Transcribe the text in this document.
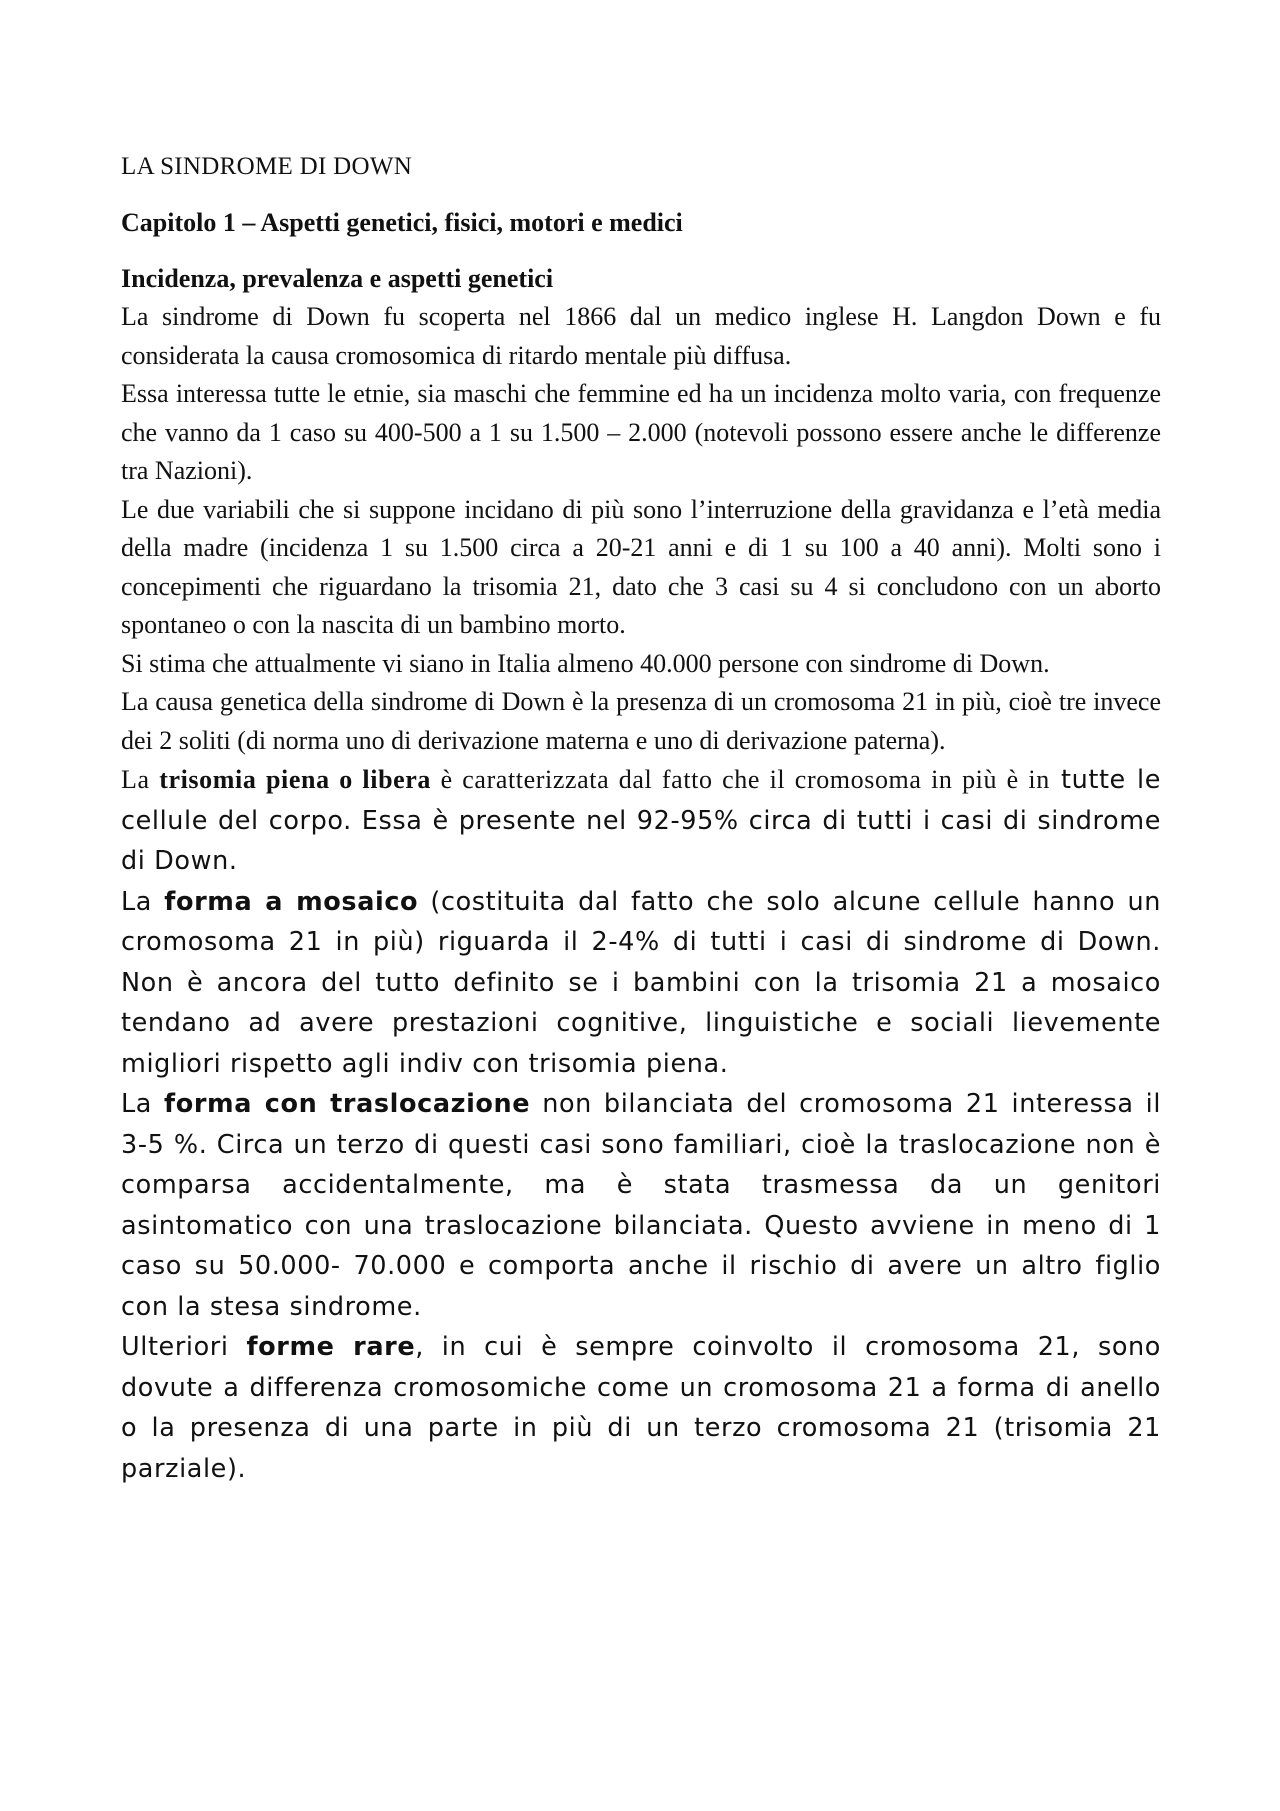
LA SINDROME DI DOWN

Capitolo 1 – Aspetti genetici, fisici, motori e medici

Incidenza, prevalenza e aspetti genetici

La sindrome di Down fu scoperta nel 1866 dal un medico inglese H. Langdon Down e fu considerata la causa cromosomica di ritardo mentale più diffusa.

Essa interessa tutte le etnie, sia maschi che femmine ed ha un incidenza molto varia, con frequenze che vanno da 1 caso su 400-500 a 1 su 1.500 – 2.000 (notevoli possono essere anche le differenze tra Nazioni).

Le due variabili che si suppone incidano di più sono l’interruzione della gravidanza e l’età media della madre (incidenza 1 su 1.500 circa a 20-21 anni e di 1 su 100 a 40 anni). Molti sono i concepimenti che riguardano la trisomia 21, dato che 3 casi su 4 si concludono con un aborto spontaneo o con la nascita di un bambino morto.

Si stima che attualmente vi siano in Italia almeno 40.000 persone con sindrome di Down.

La causa genetica della sindrome di Down è la presenza di un cromosoma 21 in più, cioè tre invece dei 2 soliti (di norma uno di derivazione materna e uno di derivazione paterna).

La trisomia piena o libera è caratterizzata dal fatto che il cromosoma in più è in tutte le cellule del corpo. Essa è presente nel 92-95% circa di tutti i casi di sindrome di Down.

La forma a mosaico (costituita dal fatto che solo alcune cellule hanno un cromosoma 21 in più) riguarda il 2-4% di tutti i casi di sindrome di Down. Non è ancora del tutto definito se i bambini con la trisomia 21 a mosaico tendano ad avere prestazioni cognitive, linguistiche e sociali lievemente migliori rispetto agli indiv con trisomia piena.

La forma con traslocazione non bilanciata del cromosoma 21 interessa il 3-5 %. Circa un terzo di questi casi sono familiari, cioè la traslocazione non è comparsa accidentalmente, ma è stata trasmessa da un genitori asintomatico con una traslocazione bilanciata. Questo avviene in meno di 1 caso su 50.000- 70.000 e comporta anche il rischio di avere un altro figlio con la stesa sindrome.

Ulteriori forme rare, in cui è sempre coinvolto il cromosoma 21, sono dovute a differenza cromosomiche come un cromosoma 21 a forma di anello o la presenza di una parte in più di un terzo cromosoma 21 (trisomia 21 parziale).
